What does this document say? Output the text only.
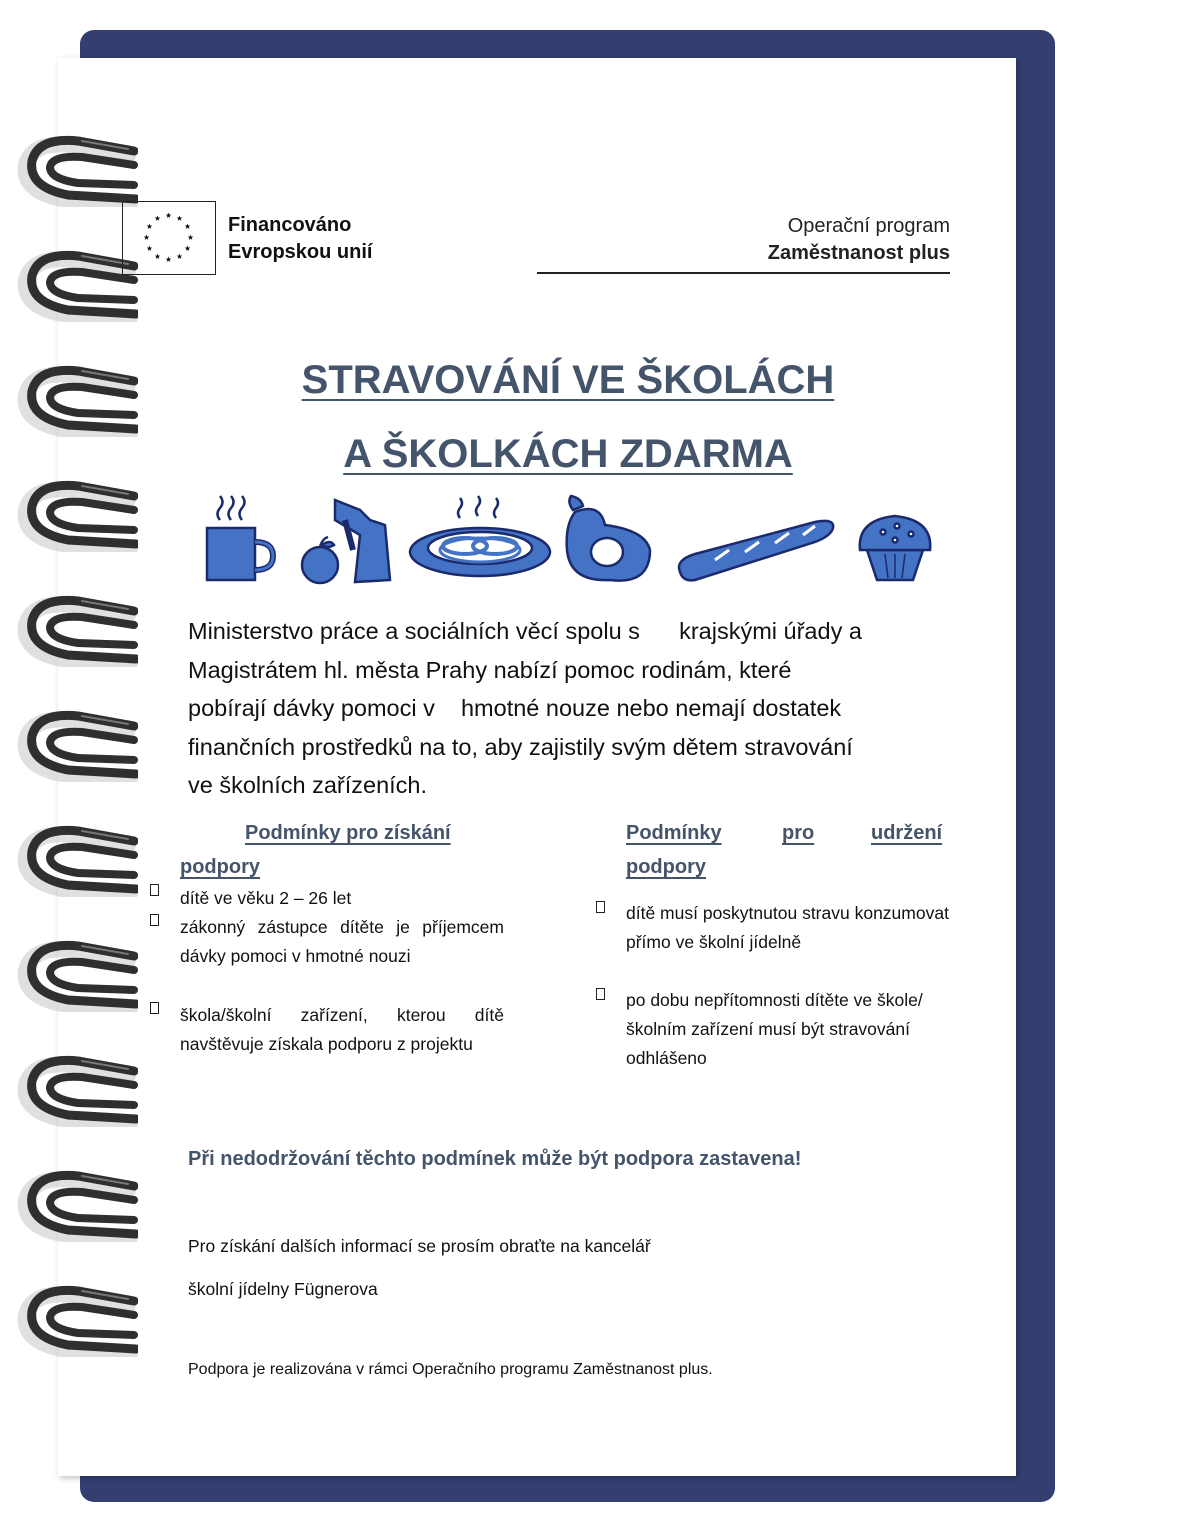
Financováno
Evropskou unií
Operační program
Zaměstnanost plus
STRAVOVÁNÍ VE ŠKOLÁCH
A ŠKOLKÁCH ZDARMA
Ministerstvo práce a sociálních věcí spolu s      krajskými úřady a
Magistrátem hl. města Prahy nabízí pomoc rodinám, které
pobírají dávky pomoci v    hmotné nouze nebo nemají dostatek
finančních prostředků na to, aby zajistily svým dětem stravování
ve školních zařízeních.
Podmínky pro získání
podpory
dítě ve věku 2 – 26 let
zákonný zástupce dítěte je příjemcem dávky pomoci v hmotné nouzi
škola/školní zařízení, kterou dítě navštěvuje získala podporu z projektu
Podmínky	pro	udržení
podpory
dítě musí poskytnutou stravu konzumovat přímo ve školní jídelně
po dobu nepřítomnosti dítěte ve škole/školním zařízení musí být stravování odhlášeno
Při nedodržování těchto podmínek může být podpora zastavena!
Pro získání dalších informací se prosím obraťte na kancelář
školní jídelny Fügnerova
Podpora je realizována v rámci Operačního programu Zaměstnanost plus.
